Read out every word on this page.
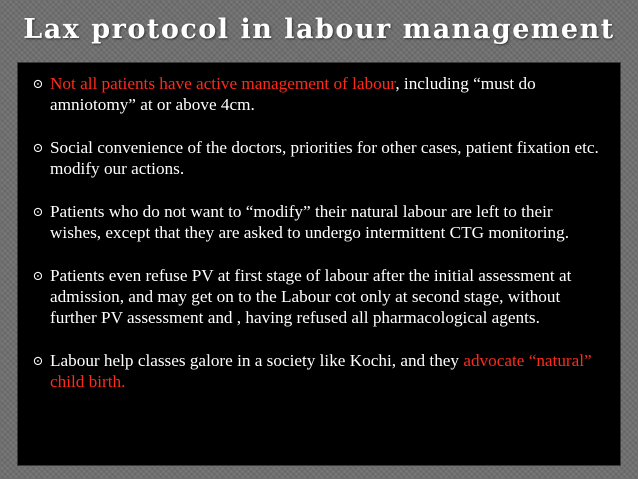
Lax protocol in labour management
⊙ Not all patients have active management of labour, including “must do amniotomy” at or above 4cm.
⊙ Social convenience of the doctors, priorities for other cases, patient fixation etc. modify our actions.
⊙ Patients who do not want to “modify” their natural labour are left to their wishes, except that they are asked to undergo intermittent CTG monitoring.
⊙ Patients even refuse PV at first stage of labour after the initial assessment at admission, and may get on to the Labour cot only at second stage, without further PV assessment and , having refused all pharmacological agents.
⊙ Labour help classes galore in a society like Kochi, and they advocate “natural” child birth.
